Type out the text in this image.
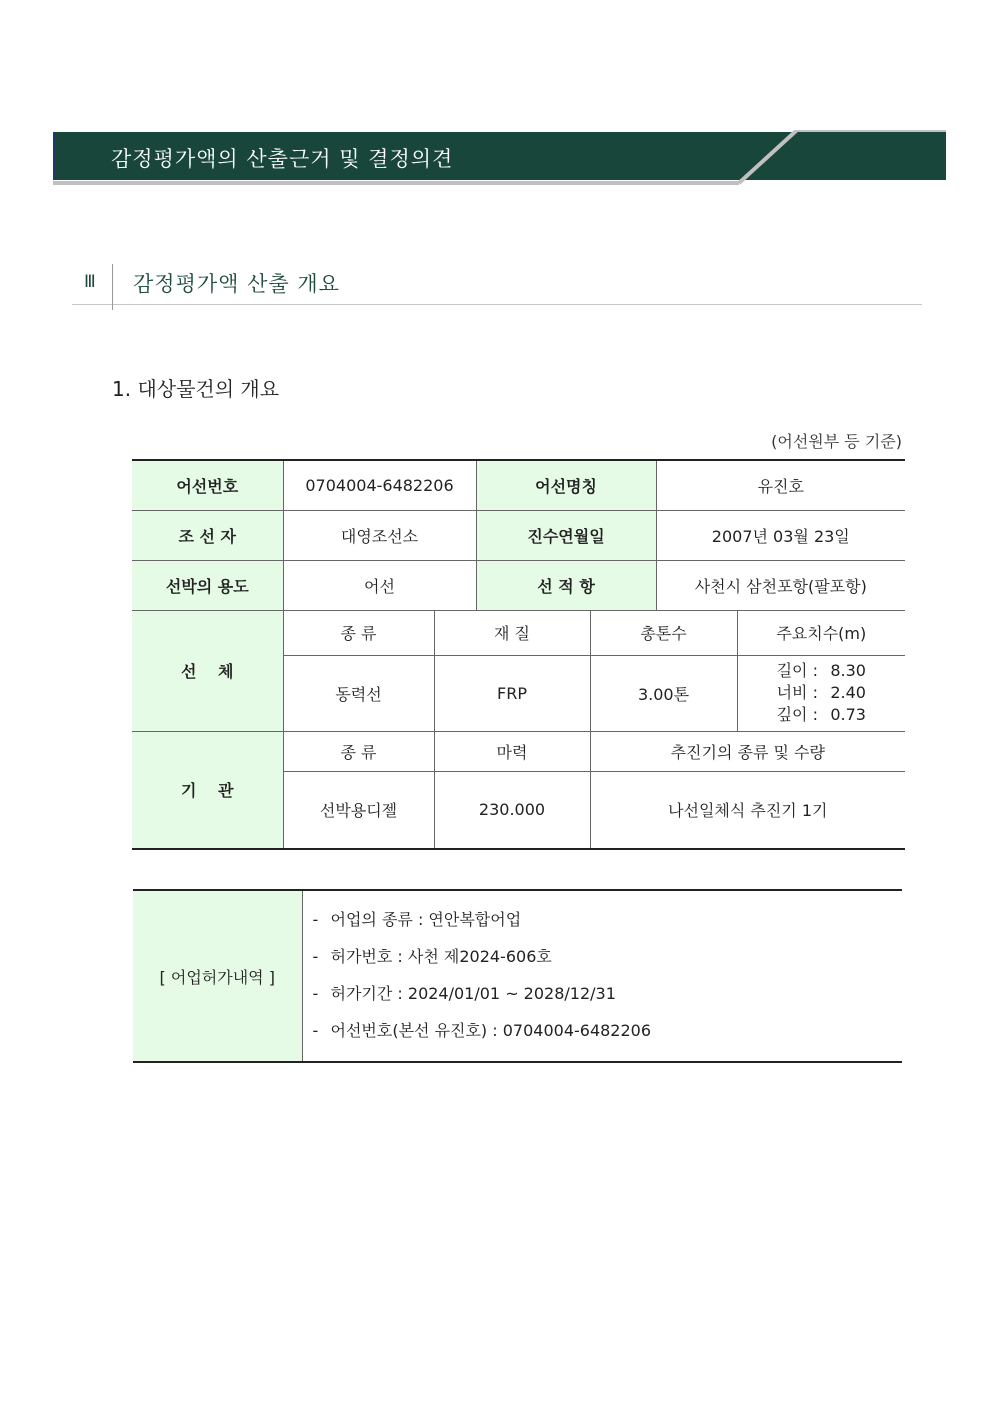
감정평가액의 산출근거 및 결정의견
Ⅲ 감정평가액 산출 개요
1. 대상물건의 개요
(어선원부 등 기준)
어선번호	0704004-6482206		어선명칭		유진호	
조 선 자	대영조선소		진수연월일		2007년 03월 23일	
선박의 용도	어선		선 적 항		사천시 삼천포항(팔포항)	
선　 체	종 류	재 질		총톤수		주요치수(m)
	동력선	FRP		3.00톤		길이 : 8.30
너비 : 2.40
깊이 : 0.73

기　 관	종 류	마력		추진기의 종류 및 수량		
	선박용디젤	230.000		나선일체식 추진기 1기		
[ 어업허가내역 ]	
- 어업의 종류 : 연안복합어업
- 허가번호 : 사천 제2024-606호
- 허가기간 : 2024/01/01 ~ 2028/12/31
- 어선번호(본선 유진호) : 0704004-6482206
